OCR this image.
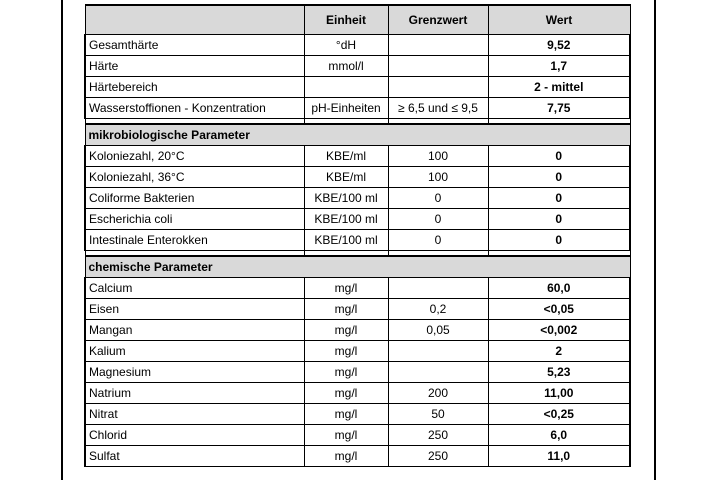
	Einheit	Grenzwert	Wert
Gesamthärte	°dH		9,52
Härte	mmol/l		1,7
Härtebereich			2 - mittel
Wasserstoffionen - Konzentration	pH-Einheiten	≥ 6,5 und ≤ 9,5	7,75

mikrobiologische Parameter			
Koloniezahl, 20°C	KBE/ml	100	0
Koloniezahl, 36°C	KBE/ml	100	0
Coliforme Bakterien	KBE/100 ml	0	0
Escherichia coli	KBE/100 ml	0	0
Intestinale Enterokken	KBE/100 ml	0	0

chemische Parameter			
Calcium	mg/l		60,0
Eisen	mg/l	0,2	<0,05
Mangan	mg/l	0,05	<0,002
Kalium	mg/l		2
Magnesium	mg/l		5,23
Natrium	mg/l	200	11,00
Nitrat	mg/l	50	<0,25
Chlorid	mg/l	250	6,0
Sulfat	mg/l	250	11,0
